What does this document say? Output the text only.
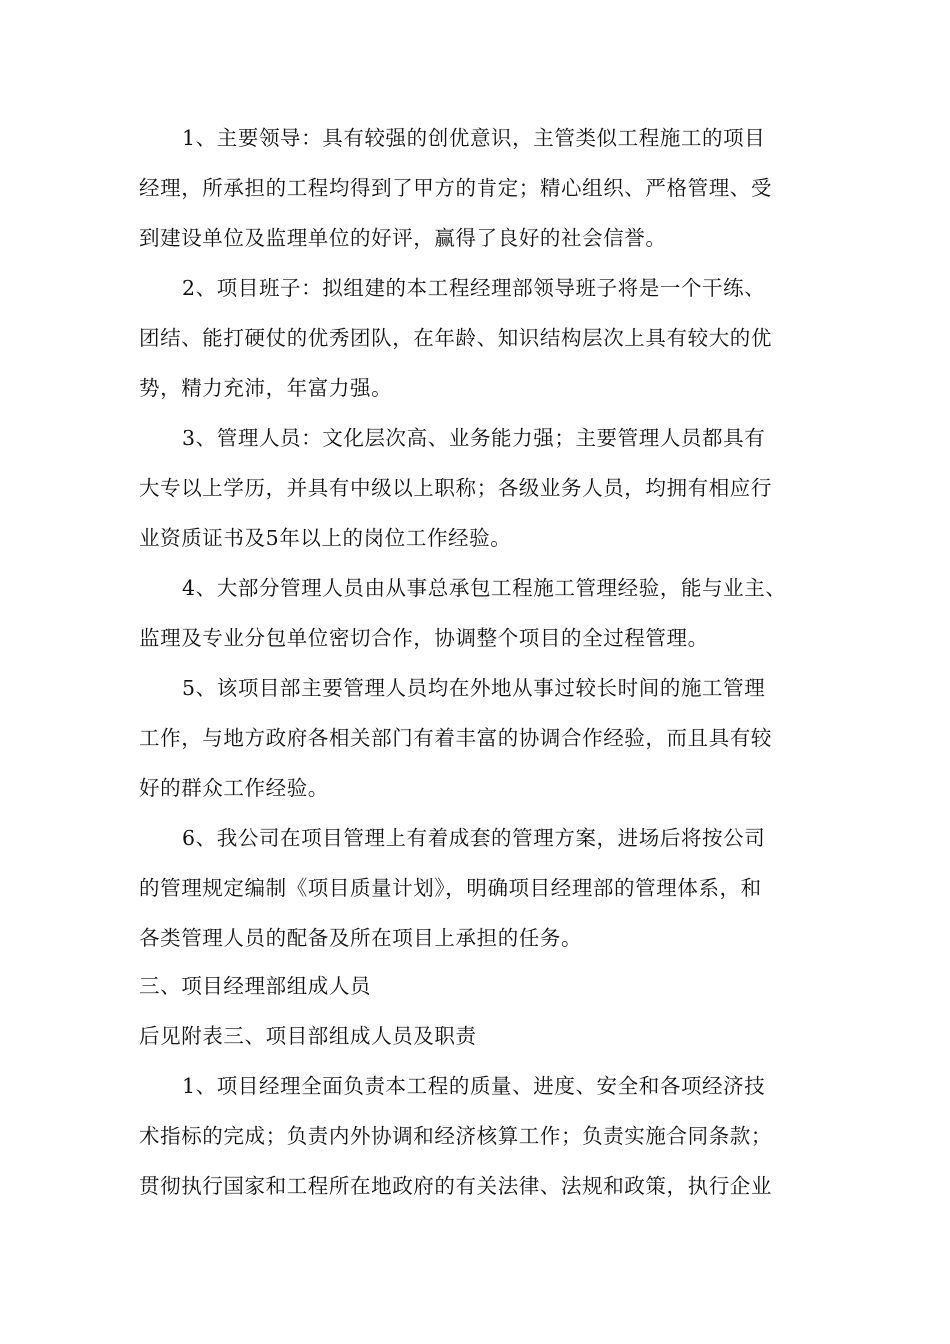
1、主要领导：具有较强的创优意识，主管类似工程施工的项目
经理，所承担的工程均得到了甲方的肯定；精心组织、严格管理、受
到建设单位及监理单位的好评，赢得了良好的社会信誉。
2、项目班子：拟组建的本工程经理部领导班子将是一个干练、
团结、能打硬仗的优秀团队，在年龄、知识结构层次上具有较大的优
势，精力充沛，年富力强。
3、管理人员：文化层次高、业务能力强；主要管理人员都具有
大专以上学历，并具有中级以上职称；各级业务人员，均拥有相应行
业资质证书及5年以上的岗位工作经验。
4、大部分管理人员由从事总承包工程施工管理经验，能与业主、
监理及专业分包单位密切合作，协调整个项目的全过程管理。
5、该项目部主要管理人员均在外地从事过较长时间的施工管理
工作，与地方政府各相关部门有着丰富的协调合作经验，而且具有较
好的群众工作经验。
6、我公司在项目管理上有着成套的管理方案，进场后将按公司
的管理规定编制《项目质量计划》，明确项目经理部的管理体系，和
各类管理人员的配备及所在项目上承担的任务。
三、项目经理部组成人员
后见附表三、项目部组成人员及职责
1、项目经理全面负责本工程的质量、进度、安全和各项经济技
术指标的完成；负责内外协调和经济核算工作；负责实施合同条款；
贯彻执行国家和工程所在地政府的有关法律、法规和政策，执行企业
